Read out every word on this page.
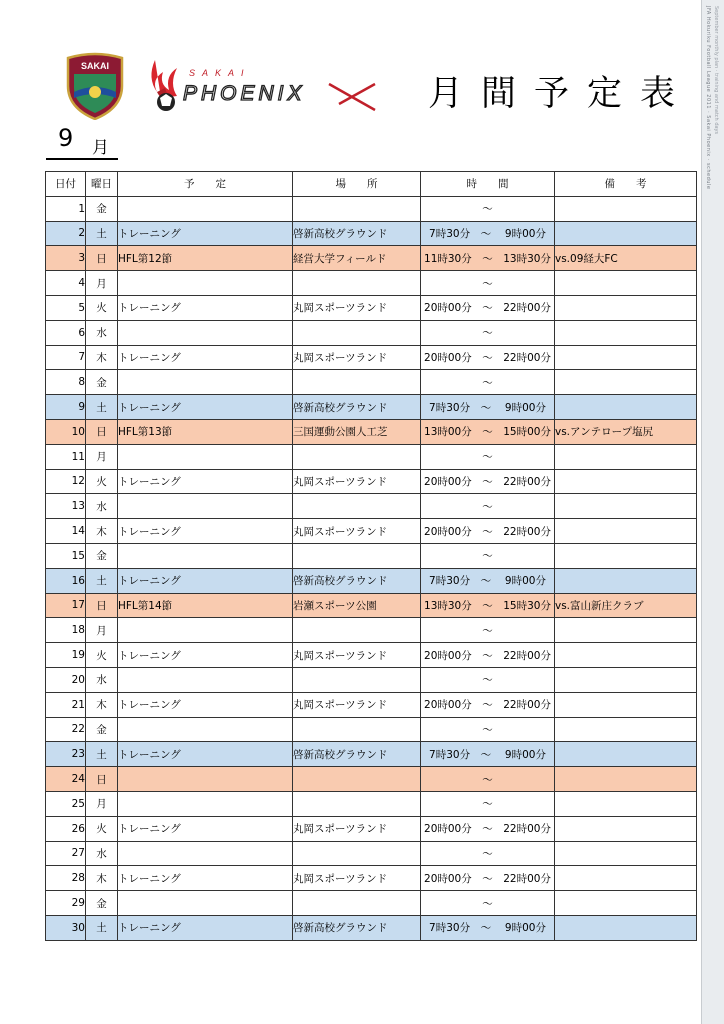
JFA Hokuriku Football League 2011 · Sakai Phoenix · schedule September monthly plan · training and match days
SAKAI
SAKAI
PHOENIX	月間予定表
9 月
日付	曜日	予　　定	場　　所	時　　間	備　　考
1	金			～	
2	土	トレーニング	啓新高校グラウンド	7時30分　～　 9時00分	
3	日	HFL第12節	経営大学フィールド	11時30分　～　13時30分	vs.09経大FC
4	月			～	
5	火	トレーニング	丸岡スポーツランド	20時00分　～　22時00分	
6	水			～	
7	木	トレーニング	丸岡スポーツランド	20時00分　～　22時00分	
8	金			～	
9	土	トレーニング	啓新高校グラウンド	7時30分　～　 9時00分	
10	日	HFL第13節	三国運動公園人工芝	13時00分　～　15時00分	vs.アンテロープ塩尻
11	月			～	
12	火	トレーニング	丸岡スポーツランド	20時00分　～　22時00分	
13	水			～	
14	木	トレーニング	丸岡スポーツランド	20時00分　～　22時00分	
15	金			～	
16	土	トレーニング	啓新高校グラウンド	7時30分　～　 9時00分	
17	日	HFL第14節	岩瀬スポーツ公園	13時30分　～　15時30分	vs.富山新庄クラブ
18	月			～	
19	火	トレーニング	丸岡スポーツランド	20時00分　～　22時00分	
20	水			～	
21	木	トレーニング	丸岡スポーツランド	20時00分　～　22時00分	
22	金			～	
23	土	トレーニング	啓新高校グラウンド	7時30分　～　 9時00分	
24	日			～	
25	月			～	
26	火	トレーニング	丸岡スポーツランド	20時00分　～　22時00分	
27	水			～	
28	木	トレーニング	丸岡スポーツランド	20時00分　～　22時00分	
29	金			～	
30	土	トレーニング	啓新高校グラウンド	7時30分　～　 9時00分	
